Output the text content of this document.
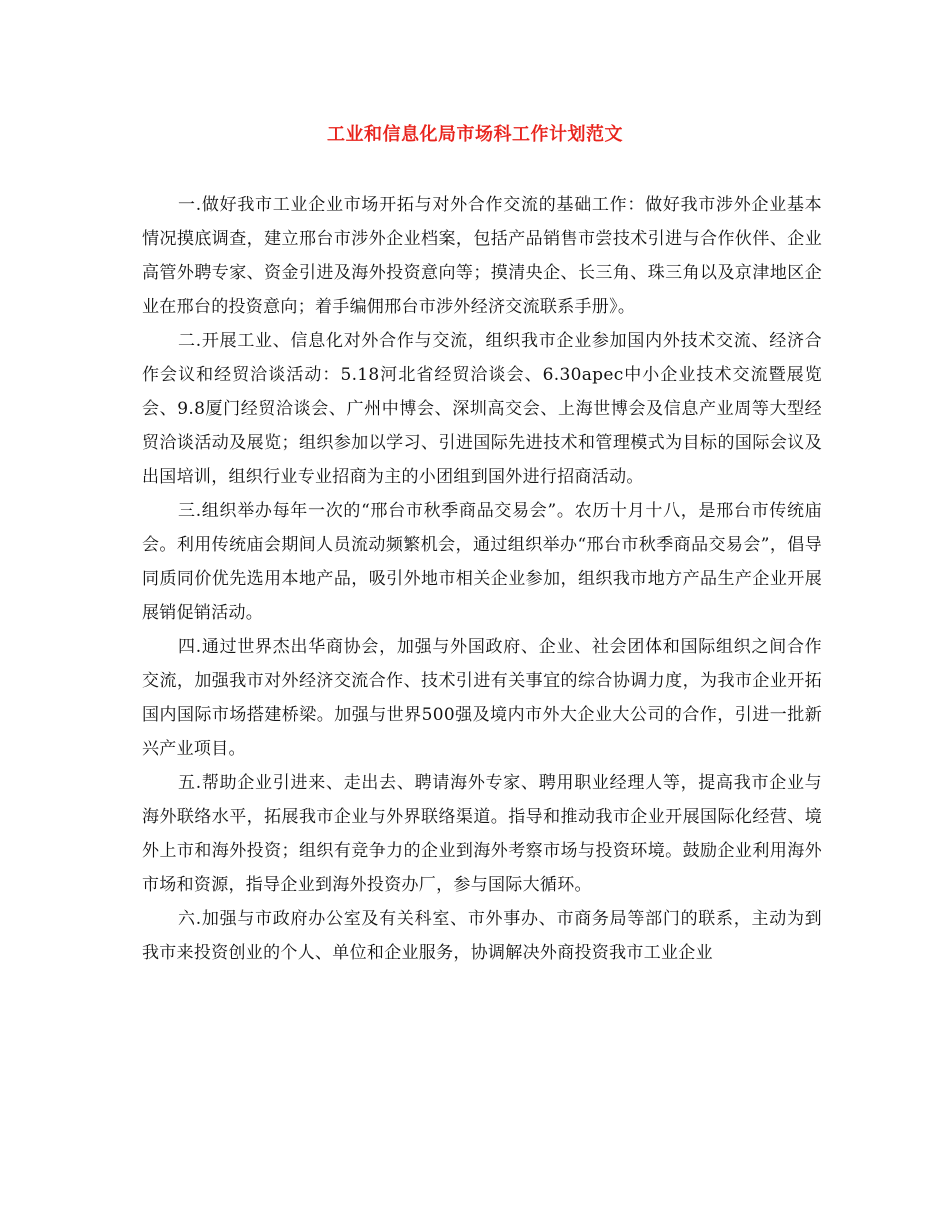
工业和信息化局市场科工作计划范文

一.做好我市工业企业市场开拓与对外合作交流的基础工作：做好我市涉外企业基本情况摸底调查，建立邢台市涉外企业档案，包括产品销售市尝技术引进与合作伙伴、企业高管外聘专家、资金引进及海外投资意向等；摸清央企、长三角、珠三角以及京津地区企业在邢台的投资意向；着手编佣邢台市涉外经济交流联系手册》。

二.开展工业、信息化对外合作与交流，组织我市企业参加国内外技术交流、经济合作会议和经贸洽谈活动：5.18河北省经贸洽谈会、6.30apec中小企业技术交流暨展览会、9.8厦门经贸洽谈会、广州中博会、深圳高交会、上海世博会及信息产业周等大型经贸洽谈活动及展览；组织参加以学习、引进国际先进技术和管理模式为目标的国际会议及出国培训，组织行业专业招商为主的小团组到国外进行招商活动。

三.组织举办每年一次的“邢台市秋季商品交易会”。农历十月十八，是邢台市传统庙会。利用传统庙会期间人员流动频繁机会，通过组织举办“邢台市秋季商品交易会”，倡导同质同价优先选用本地产品，吸引外地市相关企业参加，组织我市地方产品生产企业开展展销促销活动。

四.通过世界杰出华商协会，加强与外国政府、企业、社会团体和国际组织之间合作交流，加强我市对外经济交流合作、技术引进有关事宜的综合协调力度，为我市企业开拓国内国际市场搭建桥梁。加强与世界500强及境内市外大企业大公司的合作，引进一批新兴产业项目。

五.帮助企业引进来、走出去、聘请海外专家、聘用职业经理人等，提高我市企业与海外联络水平，拓展我市企业与外界联络渠道。指导和推动我市企业开展国际化经营、境外上市和海外投资；组织有竞争力的企业到海外考察市场与投资环境。鼓励企业利用海外市场和资源，指导企业到海外投资办厂，参与国际大循环。

六.加强与市政府办公室及有关科室、市外事办、市商务局等部门的联系，主动为到我市来投资创业的个人、单位和企业服务，协调解决外商投资我市工业企业
